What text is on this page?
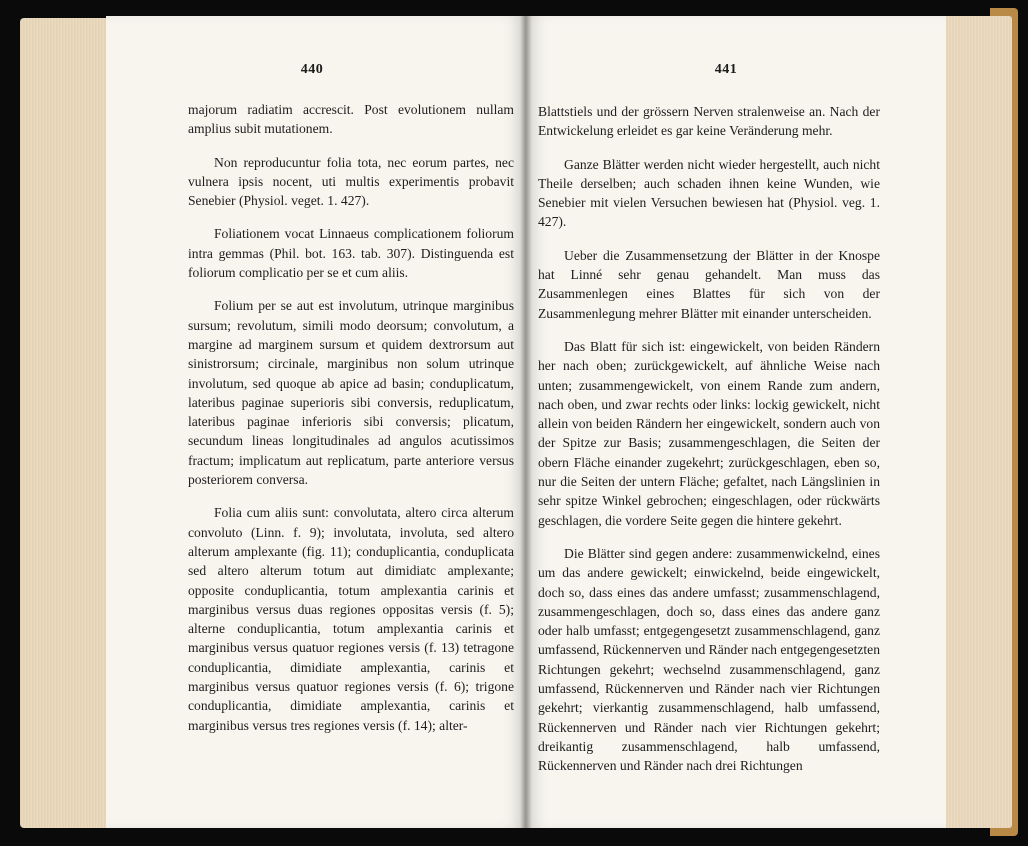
440

majorum radiatim accrescit. Post evolutionem nullam amplius subit mutationem.

Non reproducuntur folia tota, nec eorum partes, nec vulnera ipsis nocent, uti multis experimentis probavit Senebier (Physiol. veget. 1. 427).

Foliationem vocat Linnaeus complicationem foliorum intra gemmas (Phil. bot. 163. tab. 307). Distinguenda est foliorum complicatio per se et cum aliis.

Folium per se aut est involutum, utrinque marginibus sursum; revolutum, simili modo deorsum; convolutum, a margine ad marginem sursum et quidem dextrorsum aut sinistrorsum; circinale, marginibus non solum utrinque involutum, sed quoque ab apice ad basin; conduplicatum, lateribus paginae superioris sibi conversis, reduplicatum, lateribus paginae inferioris sibi conversis; plicatum, secundum lineas longitudinales ad angulos acutissimos fractum; implicatum aut replicatum, parte anteriore versus posteriorem conversa.

Folia cum aliis sunt: convolutata, altero circa alterum convoluto (Linn. f. 9); involutata, involuta, sed altero alterum amplexante (fig. 11); conduplicantia, conduplicata sed altero alterum totum aut dimidiatc amplexante; opposite conduplicantia, totum amplexantia carinis et marginibus versus duas regiones oppositas versis (f. 5); alterne conduplicantia, totum amplexantia carinis et marginibus versus quatuor regiones versis (f. 13) tetragone conduplicantia, dimidiate amplexantia, carinis et marginibus versus quatuor regiones versis (f. 6); trigone conduplicantia, dimidiate amplexantia, carinis et marginibus versus tres regiones versis (f. 14); alter-

441

Blattstiels und der grössern Nerven stralenweise an. Nach der Entwickelung erleidet es gar keine Veränderung mehr.

Ganze Blätter werden nicht wieder hergestellt, auch nicht Theile derselben; auch schaden ihnen keine Wunden, wie Senebier mit vielen Versuchen bewiesen hat (Physiol. veg. 1. 427).

Ueber die Zusammensetzung der Blätter in der Knospe hat Linné sehr genau gehandelt. Man muss das Zusammenlegen eines Blattes für sich von der Zusammenlegung mehrer Blätter mit einander unterscheiden.

Das Blatt für sich ist: eingewickelt, von beiden Rändern her nach oben; zurückgewickelt, auf ähnliche Weise nach unten; zusammengewickelt, von einem Rande zum andern, nach oben, und zwar rechts oder links: lockig gewickelt, nicht allein von beiden Rändern her eingewickelt, sondern auch von der Spitze zur Basis; zusammengeschlagen, die Seiten der obern Fläche einander zugekehrt; zurückgeschlagen, eben so, nur die Seiten der untern Fläche; gefaltet, nach Längslinien in sehr spitze Winkel gebrochen; eingeschlagen, oder rückwärts geschlagen, die vordere Seite gegen die hintere gekehrt.

Die Blätter sind gegen andere: zusammenwickelnd, eines um das andere gewickelt; einwickelnd, beide eingewickelt, doch so, dass eines das andere umfasst; zusammenschlagend, zusammengeschlagen, doch so, dass eines das andere ganz oder halb umfasst; entgegengesetzt zusammenschlagend, ganz umfassend, Rückennerven und Ränder nach entgegengesetzten Richtungen gekehrt; wechselnd zusammenschlagend, ganz umfassend, Rückennerven und Ränder nach vier Richtungen gekehrt; vierkantig zusammenschlagend, halb umfassend, Rückennerven und Ränder nach vier Richtungen gekehrt; dreikantig zusammenschlagend, halb umfassend, Rückennerven und Ränder nach drei Richtungen
